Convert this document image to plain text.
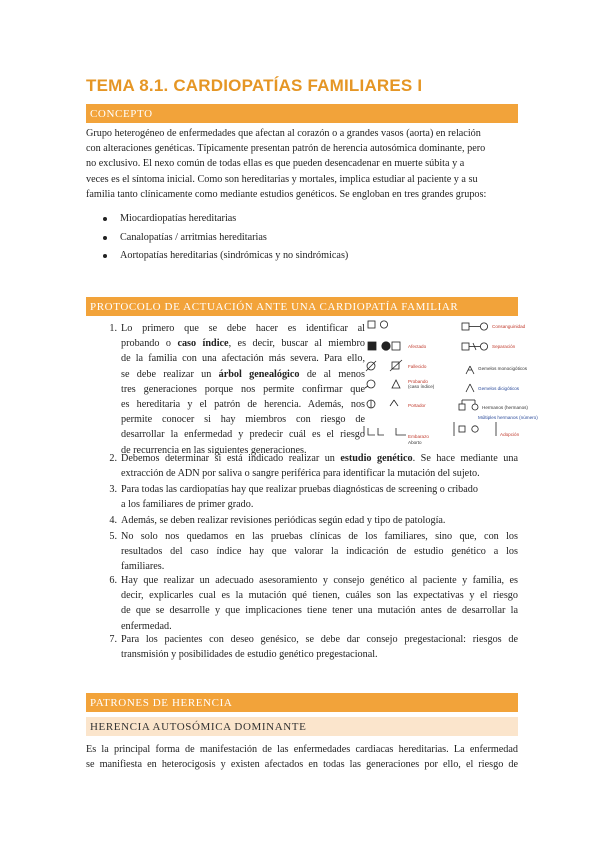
TEMA 8.1. CARDIOPATÍAS FAMILIARES I
CONCEPTO
Grupo heterogéneo de enfermedades que afectan al corazón o a grandes vasos (aorta) en relación
con alteraciones genéticas. Típicamente presentan patrón de herencia autosómica dominante, pero
no exclusivo. El nexo común de todas ellas es que pueden desencadenar en muerte súbita y a
veces es el síntoma inicial. Como son hereditarias y mortales, implica estudiar al paciente y a su
familia tanto clínicamente como mediante estudios genéticos. Se engloban en tres grandes grupos:
Miocardiopatías hereditarias
Canalopatías / arritmias hereditarias
Aortopatías hereditarias (sindrómicas y no sindrómicas)
PROTOCOLO DE ACTUACIÓN ANTE UNA CARDIOPATÍA FAMILIAR
1. Lo primero que se debe hacer es identificar al
probando o caso índice, es decir, buscar al miembro
de la familia con una afectación más severa. Para ello,
se debe realizar un árbol genealógico de al menos
tres generaciones porque nos permite confirmar que
es hereditaria y el patrón de herencia. Además, nos
permite conocer si hay miembros con riesgo de
desarrollar la enfermedad y predecir cuál es el riesgo
de recurrencia en las siguientes generaciones.
Consanguinidad
Separación
Afectado
Fallecido
Probando
(caso índice)
Portador
Gemelos monocigóticos
Gemelos dicigóticos
Hermanos (hermanos)
Múltiples hermanos (número)
Embarazo
Aborto
Adopción
2. Debemos determinar si está indicado realizar un estudio genético. Se hace mediante una
extracción de ADN por saliva o sangre periférica para identificar la mutación del sujeto.
3. Para todas las cardiopatías hay que realizar pruebas diagnósticas de screening o cribado
a los familiares de primer grado.
4. Además, se deben realizar revisiones periódicas según edad y tipo de patología.
5. No solo nos quedamos en las pruebas clínicas de los familiares, sino que, con los
resultados del caso índice hay que valorar la indicación de estudio genético a los
familiares.
6. Hay que realizar un adecuado asesoramiento y consejo genético al paciente y familia, es
decir, explicarles cual es la mutación qué tienen, cuáles son las expectativas y el riesgo
de que se desarrolle y que implicaciones tiene tener una mutación antes de desarrollar la
enfermedad.
7. Para los pacientes con deseo genésico, se debe dar consejo pregestacional: riesgos de
transmisión y posibilidades de estudio genético pregestacional.
PATRONES DE HERENCIA
HERENCIA AUTOSÓMICA DOMINANTE
Es la principal forma de manifestación de las enfermedades cardiacas hereditarias. La enfermedad
se manifiesta en heterocigosis y existen afectados en todas las generaciones por ello, el riesgo de
